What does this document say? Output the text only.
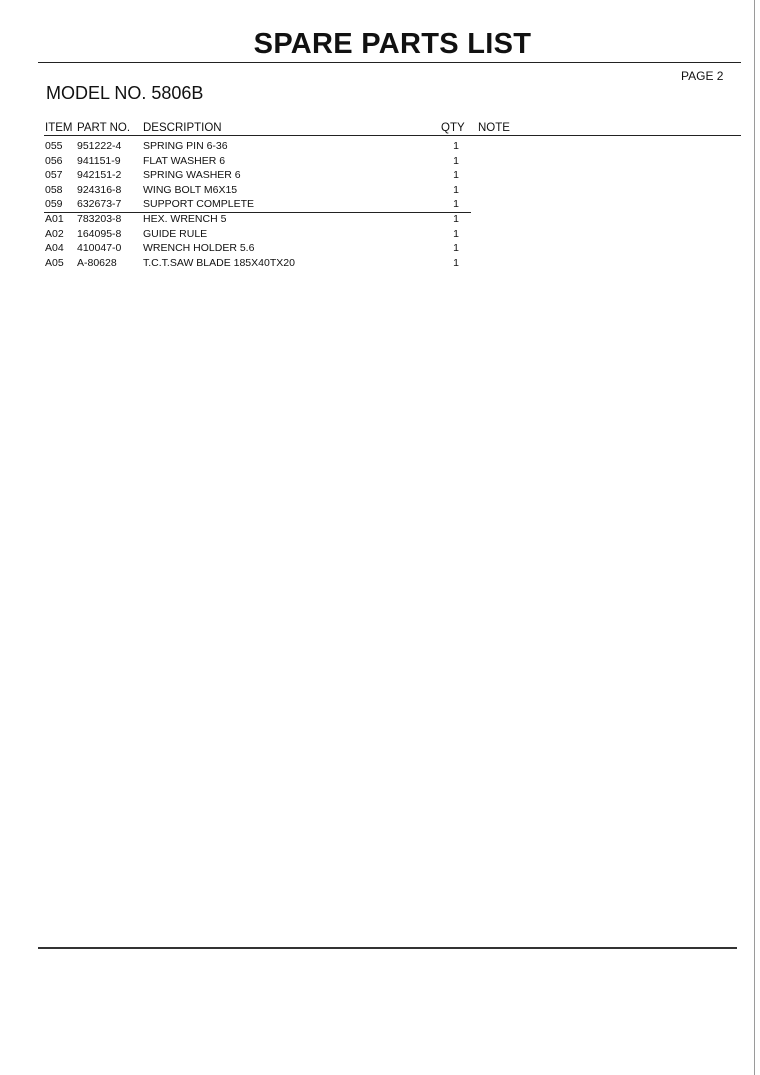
SPARE PARTS LIST
PAGE 2
MODEL NO. 5806B
ITEM PART NO. DESCRIPTION	QTY NOTE
055 951222-4 SPRING PIN 6-36	1
056 941151-9 FLAT WASHER 6	1
057 942151-2 SPRING WASHER 6	1
058 924316-8 WING BOLT M6X15	1
059 632673-7 SUPPORT COMPLETE	1
A01 783203-8 HEX. WRENCH 5	1
A02 164095-8 GUIDE RULE	1
A04 410047-0 WRENCH HOLDER 5.6	1
A05 A-80628	T.C.T.SAW BLADE 185X40TX20	1
